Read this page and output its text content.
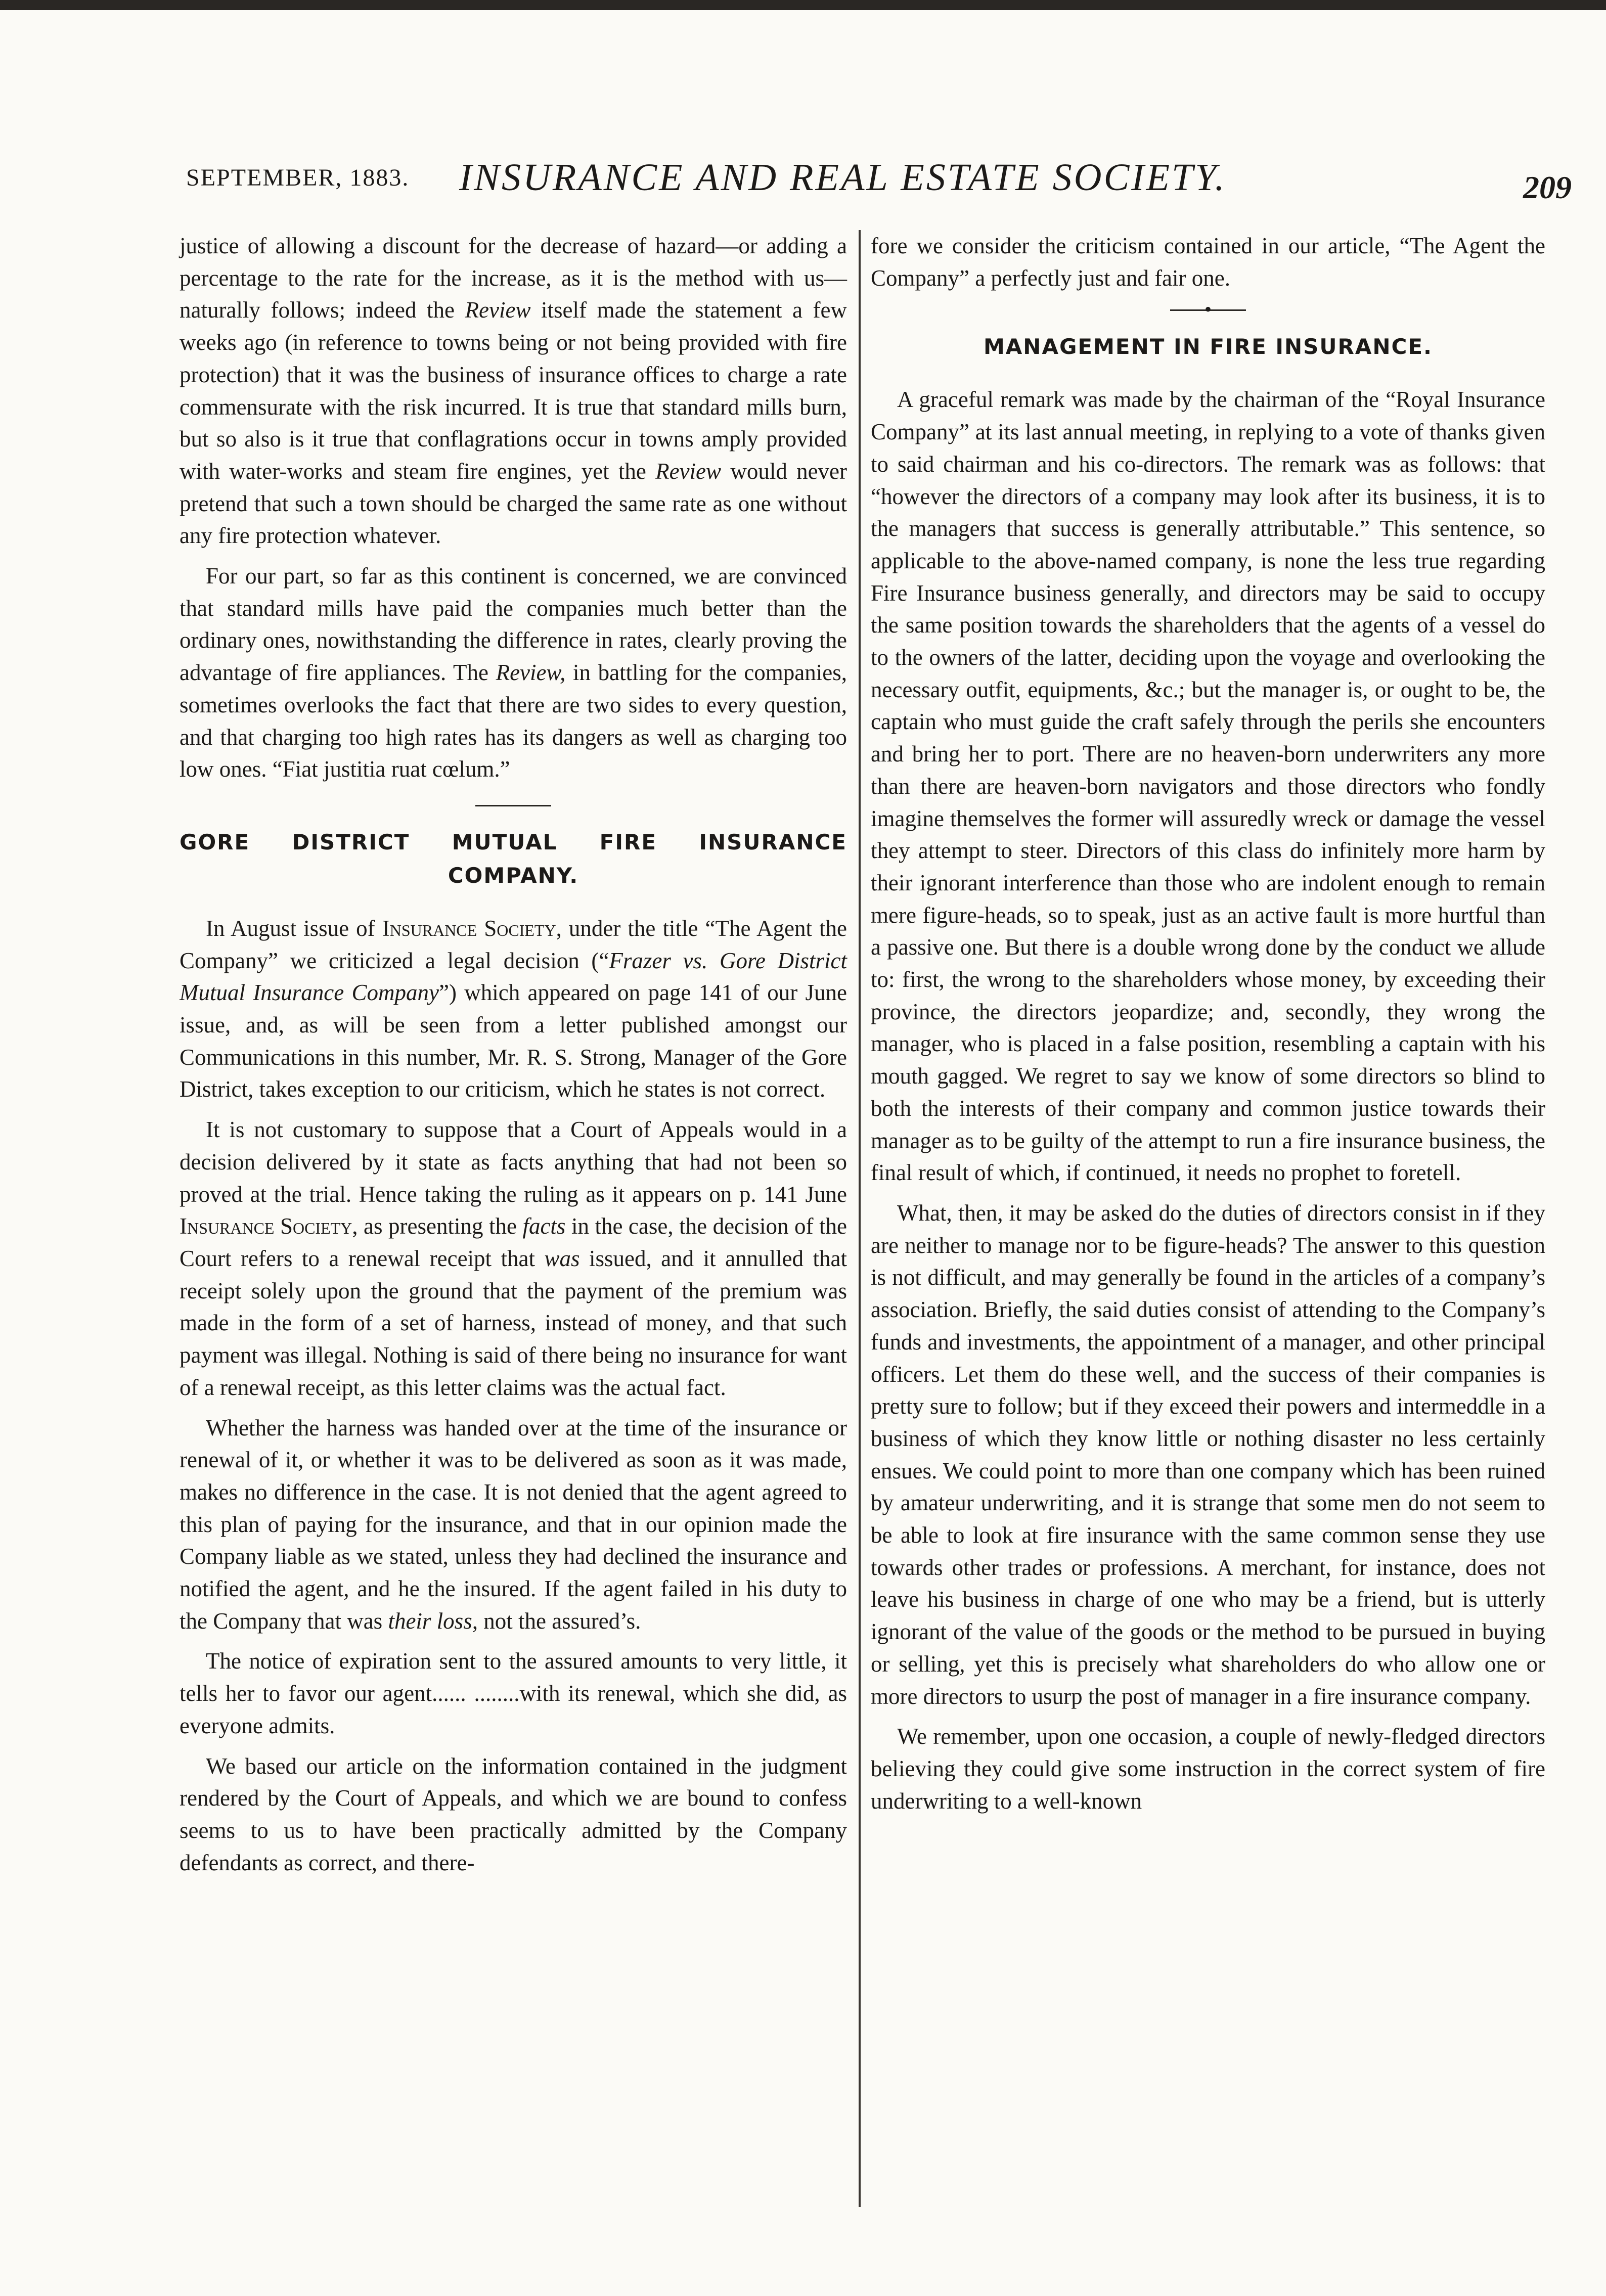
SEPTEMBER, 1883. INSURANCE AND REAL ESTATE SOCIETY.	209

justice of allowing a discount for the decrease of hazard—or adding a percentage to the rate for the increase, as it is the method with us—naturally follows; indeed the Review itself made the statement a few weeks ago (in reference to towns being or not being provided with fire protection) that it was the business of insurance offices to charge a rate commensurate with the risk incurred. It is true that standard mills burn, but so also is it true that conflagrations occur in towns amply provided with water-works and steam fire engines, yet the Review would never pretend that such a town should be charged the same rate as one without any fire protection whatever.

For our part, so far as this continent is concerned, we are convinced that standard mills have paid the companies much better than the ordinary ones, nowithstanding the difference in rates, clearly proving the advantage of fire appliances. The Review, in battling for the companies, sometimes overlooks the fact that there are two sides to every question, and that charging too high rates has its dangers as well as charging too low ones. “Fiat justitia ruat cœlum.”

GORE DISTRICT MUTUAL FIRE INSURANCE COMPANY.

In August issue of Insurance Society, under the title “The Agent the Company” we criticized a legal decision (“Frazer vs. Gore District Mutual Insurance Company”) which appeared on page 141 of our June issue, and, as will be seen from a letter published amongst our Communications in this number, Mr. R. S. Strong, Manager of the Gore District, takes exception to our criticism, which he states is not correct.

It is not customary to suppose that a Court of Appeals would in a decision delivered by it state as facts anything that had not been so proved at the trial. Hence taking the ruling as it appears on p. 141 June Insurance Society, as presenting the facts in the case, the decision of the Court refers to a renewal receipt that was issued, and it annulled that receipt solely upon the ground that the payment of the premium was made in the form of a set of harness, instead of money, and that such payment was illegal. Nothing is said of there being no insurance for want of a renewal receipt, as this letter claims was the actual fact.

Whether the harness was handed over at the time of the insurance or renewal of it, or whether it was to be delivered as soon as it was made, makes no difference in the case. It is not denied that the agent agreed to this plan of paying for the insurance, and that in our opinion made the Company liable as we stated, unless they had declined the insurance and notified the agent, and he the insured. If the agent failed in his duty to the Company that was their loss, not the assured’s.

The notice of expiration sent to the assured amounts to very little, it tells her to favor our agent...... ........with its renewal, which she did, as everyone admits.

We based our article on the information contained in the judgment rendered by the Court of Appeals, and which we are bound to confess seems to us to have been practically admitted by the Company defendants as correct, and there-

fore we consider the criticism contained in our article, “The Agent the Company” a perfectly just and fair one.

•
MANAGEMENT IN FIRE INSURANCE.

A graceful remark was made by the chairman of the “Royal Insurance Company” at its last annual meeting, in replying to a vote of thanks given to said chairman and his co-directors. The remark was as follows: that “however the directors of a company may look after its business, it is to the managers that success is generally attributable.” This sentence, so applicable to the above-named company, is none the less true regarding Fire Insurance business generally, and directors may be said to occupy the same position towards the shareholders that the agents of a vessel do to the owners of the latter, deciding upon the voyage and overlooking the necessary outfit, equipments, &c.; but the manager is, or ought to be, the captain who must guide the craft safely through the perils she encounters and bring her to port. There are no heaven-born underwriters any more than there are heaven-born navigators and those directors who fondly imagine themselves the former will assuredly wreck or damage the vessel they attempt to steer. Directors of this class do infinitely more harm by their ignorant interference than those who are indolent enough to remain mere figure-heads, so to speak, just as an active fault is more hurtful than a passive one. But there is a double wrong done by the conduct we allude to: first, the wrong to the shareholders whose money, by exceeding their province, the directors jeopardize; and, secondly, they wrong the manager, who is placed in a false position, resembling a captain with his mouth gagged. We regret to say we know of some directors so blind to both the interests of their company and common justice towards their manager as to be guilty of the attempt to run a fire insurance business, the final result of which, if continued, it needs no prophet to foretell.

What, then, it may be asked do the duties of directors consist in if they are neither to manage nor to be figure-heads? The answer to this question is not difficult, and may generally be found in the articles of a company’s association. Briefly, the said duties consist of attending to the Company’s funds and investments, the appointment of a manager, and other principal officers. Let them do these well, and the success of their companies is pretty sure to follow; but if they exceed their powers and intermeddle in a business of which they know little or nothing disaster no less certainly ensues. We could point to more than one company which has been ruined by amateur underwriting, and it is strange that some men do not seem to be able to look at fire insurance with the same common sense they use towards other trades or professions. A merchant, for instance, does not leave his business in charge of one who may be a friend, but is utterly ignorant of the value of the goods or the method to be pursued in buying or selling, yet this is precisely what shareholders do who allow one or more directors to usurp the post of manager in a fire insurance company.

We remember, upon one occasion, a couple of newly-fledged directors believing they could give some instruction in the correct system of fire underwriting to a well-known
